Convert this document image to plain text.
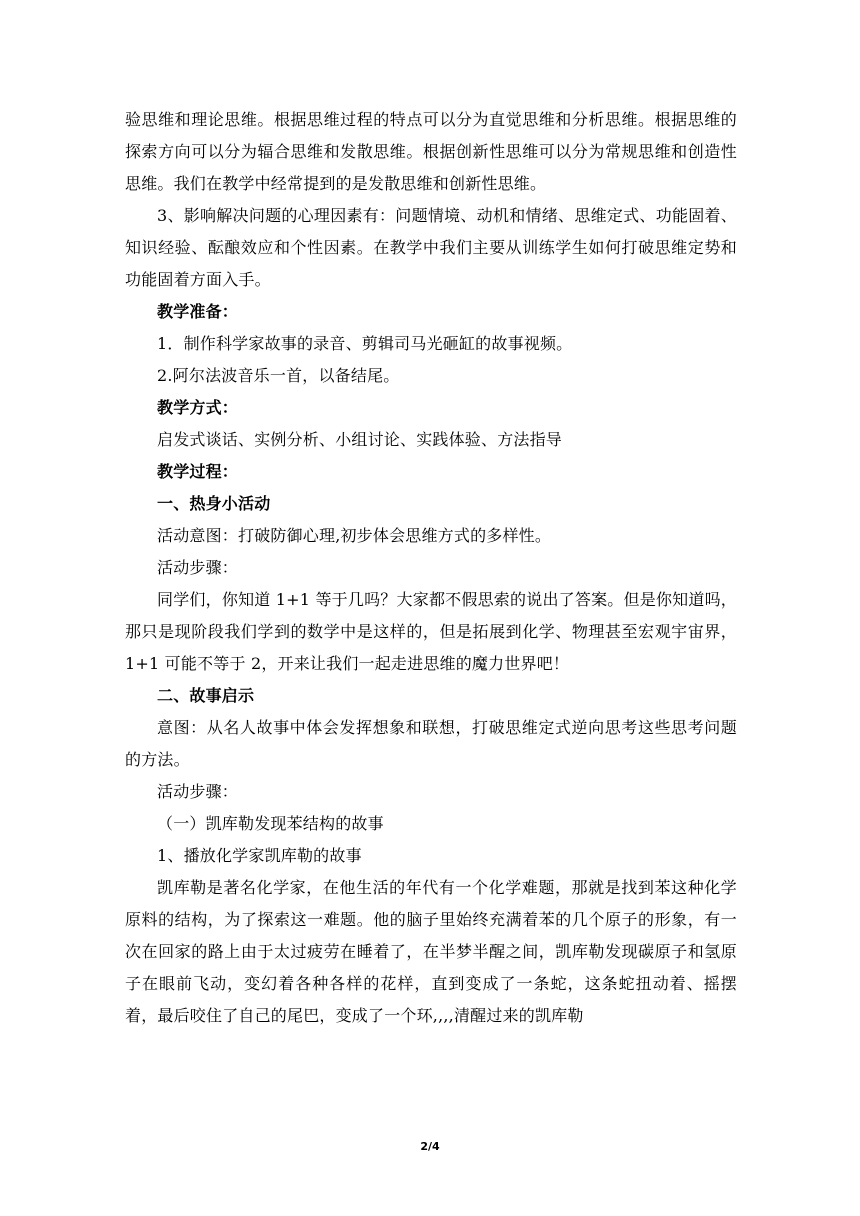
验思维和理论思维。根据思维过程的特点可以分为直觉思维和分析思维。根据思维的探索方向可以分为辐合思维和发散思维。根据创新性思维可以分为常规思维和创造性思维。我们在教学中经常提到的是发散思维和创新性思维。

3、影响解决问题的心理因素有：问题情境、动机和情绪、思维定式、功能固着、知识经验、酝酿效应和个性因素。在教学中我们主要从训练学生如何打破思维定势和功能固着方面入手。

教学准备：

1．制作科学家故事的录音、剪辑司马光砸缸的故事视频。

2.阿尔法波音乐一首，以备结尾。

教学方式：

启发式谈话、实例分析、小组讨论、实践体验、方法指导

教学过程：

一、热身小活动

活动意图：打破防御心理,初步体会思维方式的多样性。

活动步骤：

同学们，你知道 1+1 等于几吗？大家都不假思索的说出了答案。但是你知道吗，那只是现阶段我们学到的数学中是这样的，但是拓展到化学、物理甚至宏观宇宙界，1+1 可能不等于 2，开来让我们一起走进思维的魔力世界吧！

二、故事启示

意图：从名人故事中体会发挥想象和联想，打破思维定式逆向思考这些思考问题的方法。

活动步骤：

（一）凯库勒发现苯结构的故事

1、播放化学家凯库勒的故事

凯库勒是著名化学家，在他生活的年代有一个化学难题，那就是找到苯这种化学原料的结构，为了探索这一难题。他的脑子里始终充满着苯的几个原子的形象，有一次在回家的路上由于太过疲劳在睡着了，在半梦半醒之间，凯库勒发现碳原子和氢原子在眼前飞动，变幻着各种各样的花样，直到变成了一条蛇，这条蛇扭动着、摇摆着，最后咬住了自己的尾巴，变成了一个环,,,,清醒过来的凯库勒

2/4
